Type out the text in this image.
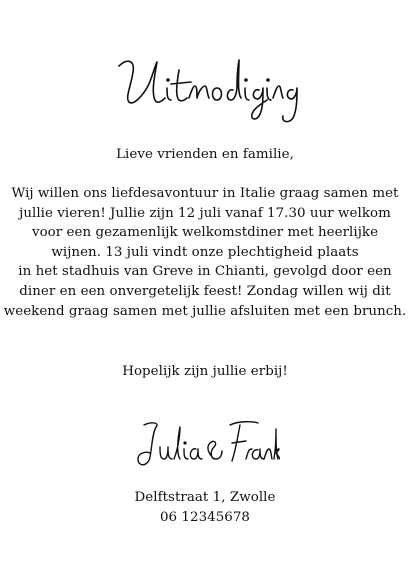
Lieve vrienden en familie,
Wij willen ons liefdesavontuur in Italie graag samen met
jullie vieren! Jullie zijn 12 juli vanaf 17.30 uur welkom
voor een gezamenlijk welkomstdiner met heerlijke
wijnen. 13 juli vindt onze plechtigheid plaats
in het stadhuis van Greve in Chianti, gevolgd door een
diner en een onvergetelijk feest! Zondag willen wij dit
weekend graag samen met jullie afsluiten met een brunch.
Hopelijk zijn jullie erbij!
Delftstraat 1, Zwolle
06 12345678
